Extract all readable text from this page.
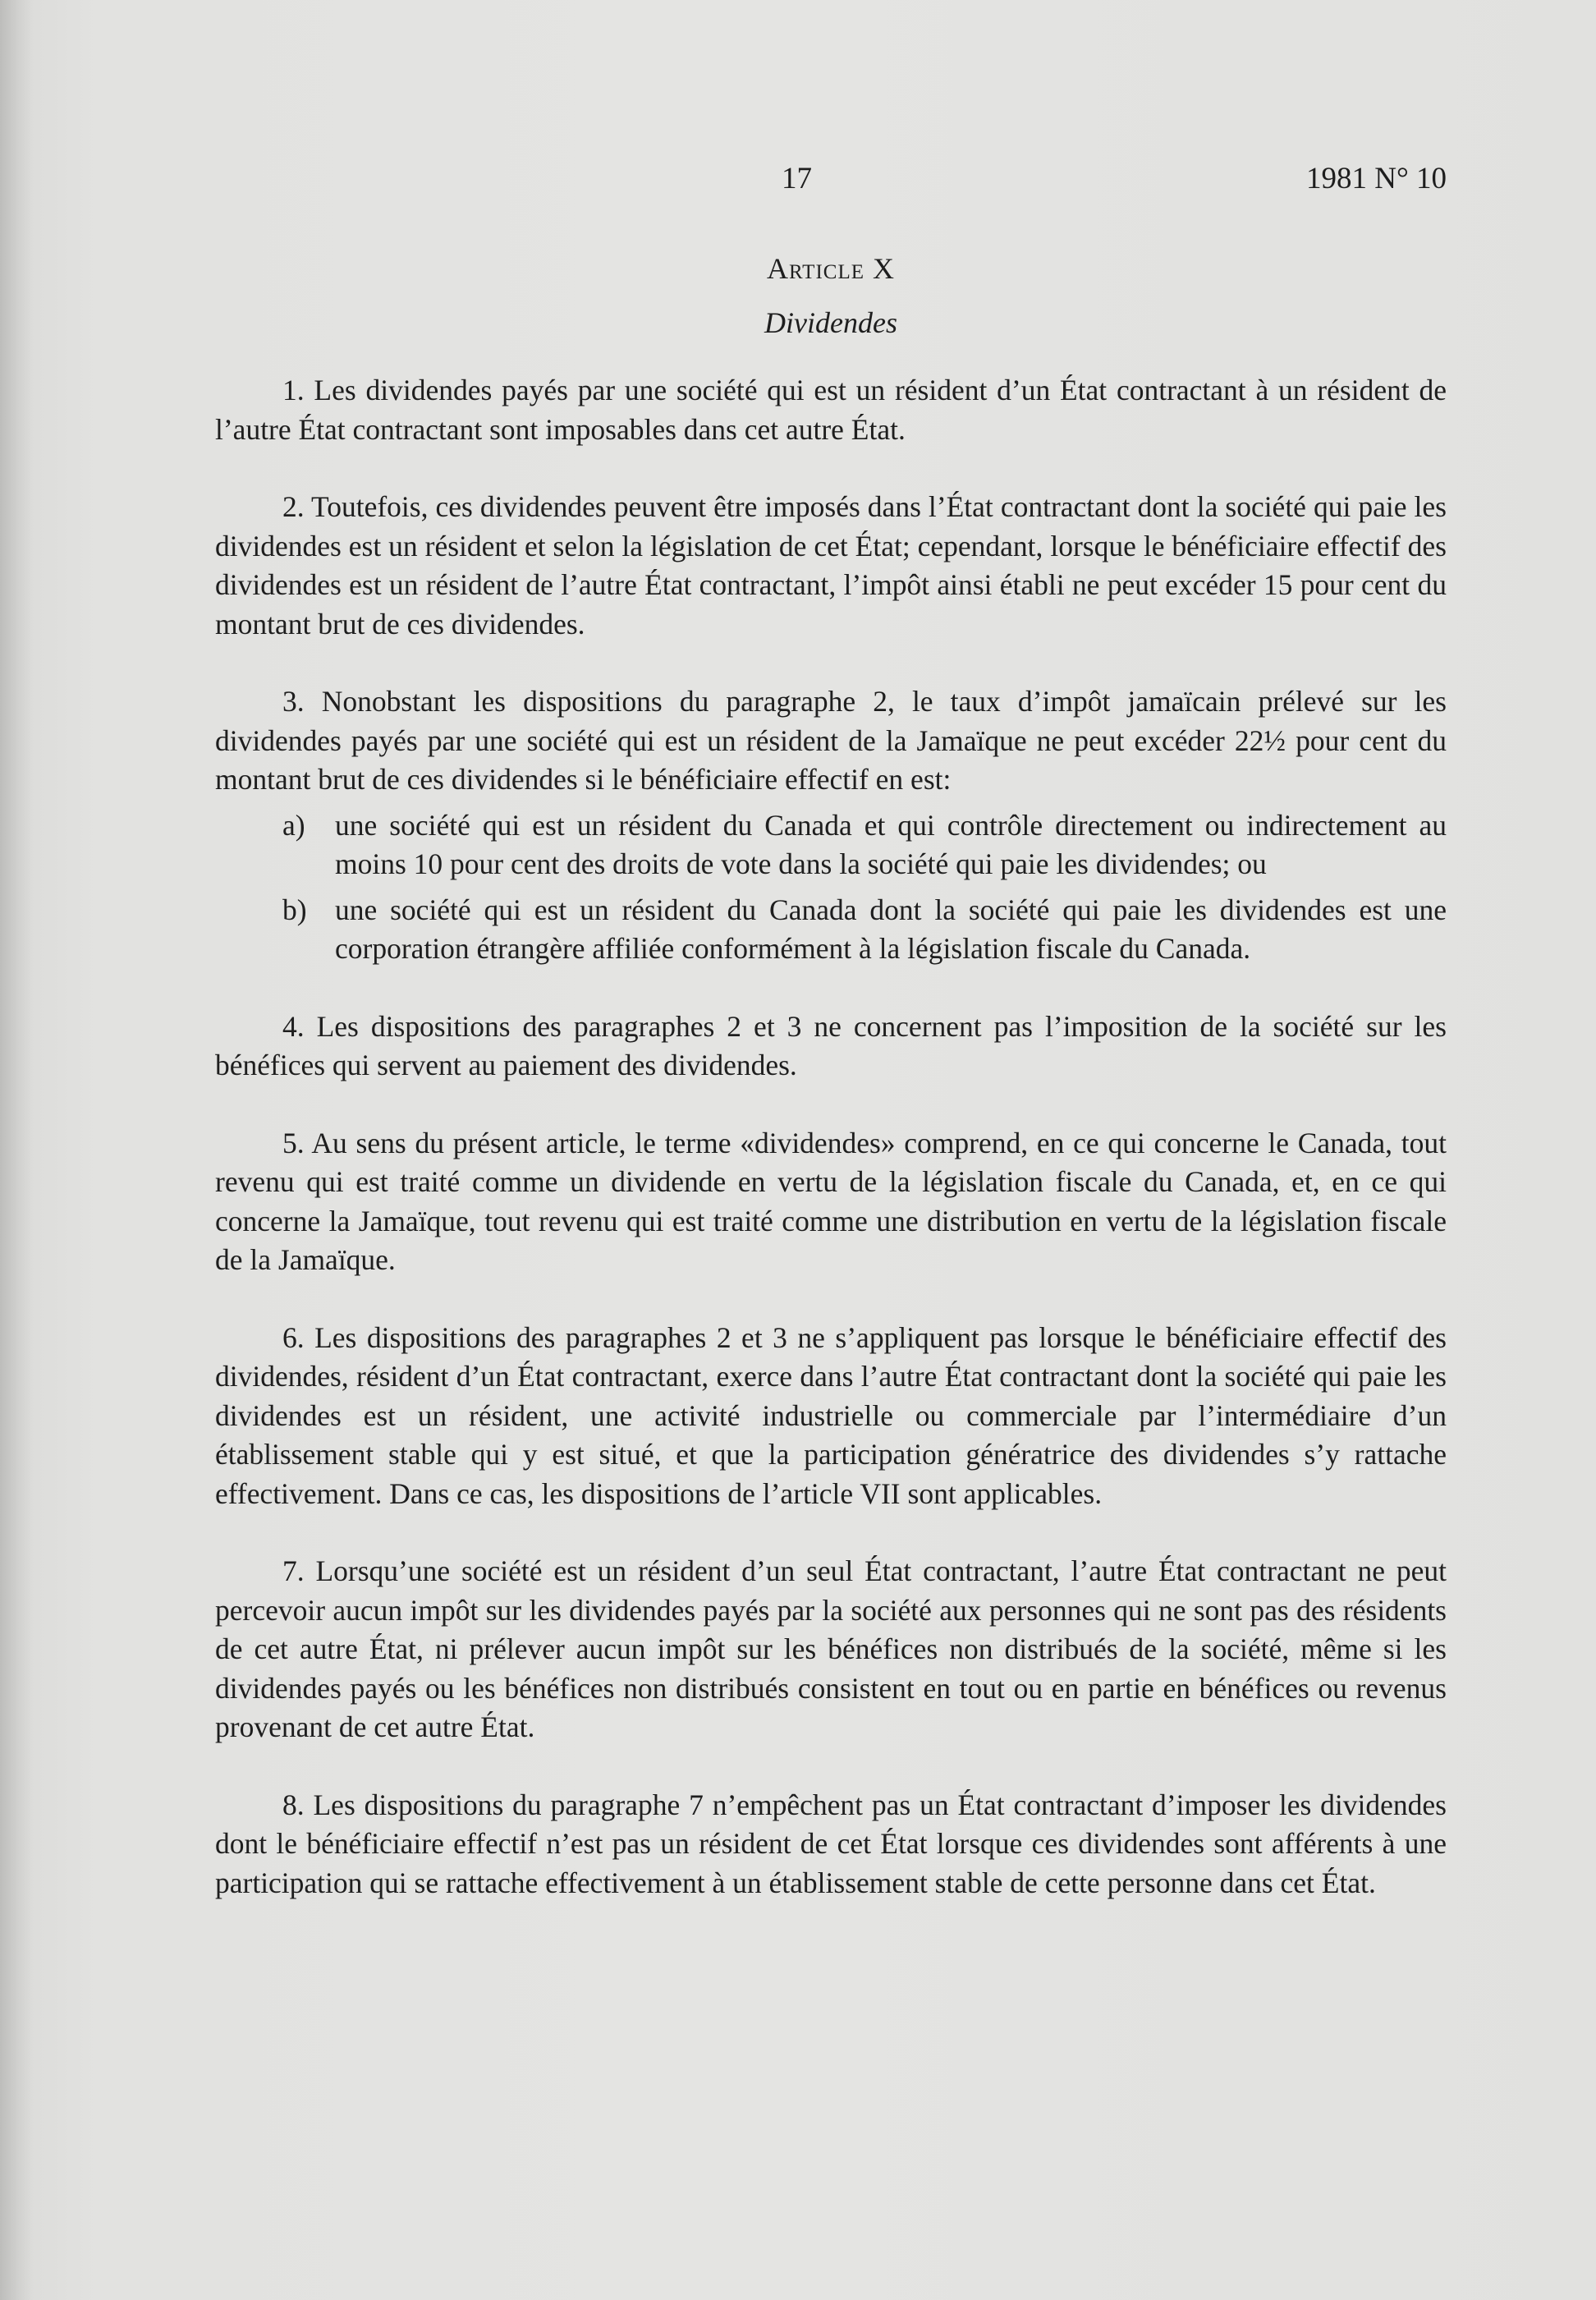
17	1981 N° 10
Article X
Dividendes

1. Les dividendes payés par une société qui est un résident d’un État contractant à un résident de l’autre État contractant sont imposables dans cet autre État.

2. Toutefois, ces dividendes peuvent être imposés dans l’État contractant dont la société qui paie les dividendes est un résident et selon la législation de cet État; cependant, lorsque le bénéficiaire effectif des dividendes est un résident de l’autre État contractant, l’impôt ainsi établi ne peut excéder 15 pour cent du montant brut de ces dividendes.

3. Nonobstant les dispositions du paragraphe 2, le taux d’impôt jamaïcain prélevé sur les dividendes payés par une société qui est un résident de la Jamaïque ne peut excéder 22½ pour cent du montant brut de ces dividendes si le bénéficiaire effectif en est:

a)	une société qui est un résident du Canada et qui contrôle directement ou indirectement au moins 10 pour cent des droits de vote dans la société qui paie les dividendes; ou
b) une société qui est un résident du Canada dont la société qui paie les dividendes est une corporation étrangère affiliée conformément à la législation fiscale du Canada.

4. Les dispositions des paragraphes 2 et 3 ne concernent pas l’imposition de la société sur les bénéfices qui servent au paiement des dividendes.

5. Au sens du présent article, le terme «dividendes» comprend, en ce qui concerne le Canada, tout revenu qui est traité comme un dividende en vertu de la législation fiscale du Canada, et, en ce qui concerne la Jamaïque, tout revenu qui est traité comme une distribution en vertu de la législation fiscale de la Jamaïque.

6. Les dispositions des paragraphes 2 et 3 ne s’appliquent pas lorsque le bénéficiaire effectif des dividendes, résident d’un État contractant, exerce dans l’autre État contractant dont la société qui paie les dividendes est un résident, une activité industrielle ou commerciale par l’intermédiaire d’un établissement stable qui y est situé, et que la participation génératrice des dividendes s’y rattache effectivement. Dans ce cas, les dispositions de l’article VII sont applicables.

7. Lorsqu’une société est un résident d’un seul État contractant, l’autre État contractant ne peut percevoir aucun impôt sur les dividendes payés par la société aux personnes qui ne sont pas des résidents de cet autre État, ni prélever aucun impôt sur les bénéfices non distribués de la société, même si les dividendes payés ou les bénéfices non distribués consistent en tout ou en partie en bénéfices ou revenus provenant de cet autre État.

8. Les dispositions du paragraphe 7 n’empêchent pas un État contractant d’imposer les dividendes dont le bénéficiaire effectif n’est pas un résident de cet État lorsque ces dividendes sont afférents à une participation qui se rattache effectivement à un établissement stable de cette personne dans cet État.
